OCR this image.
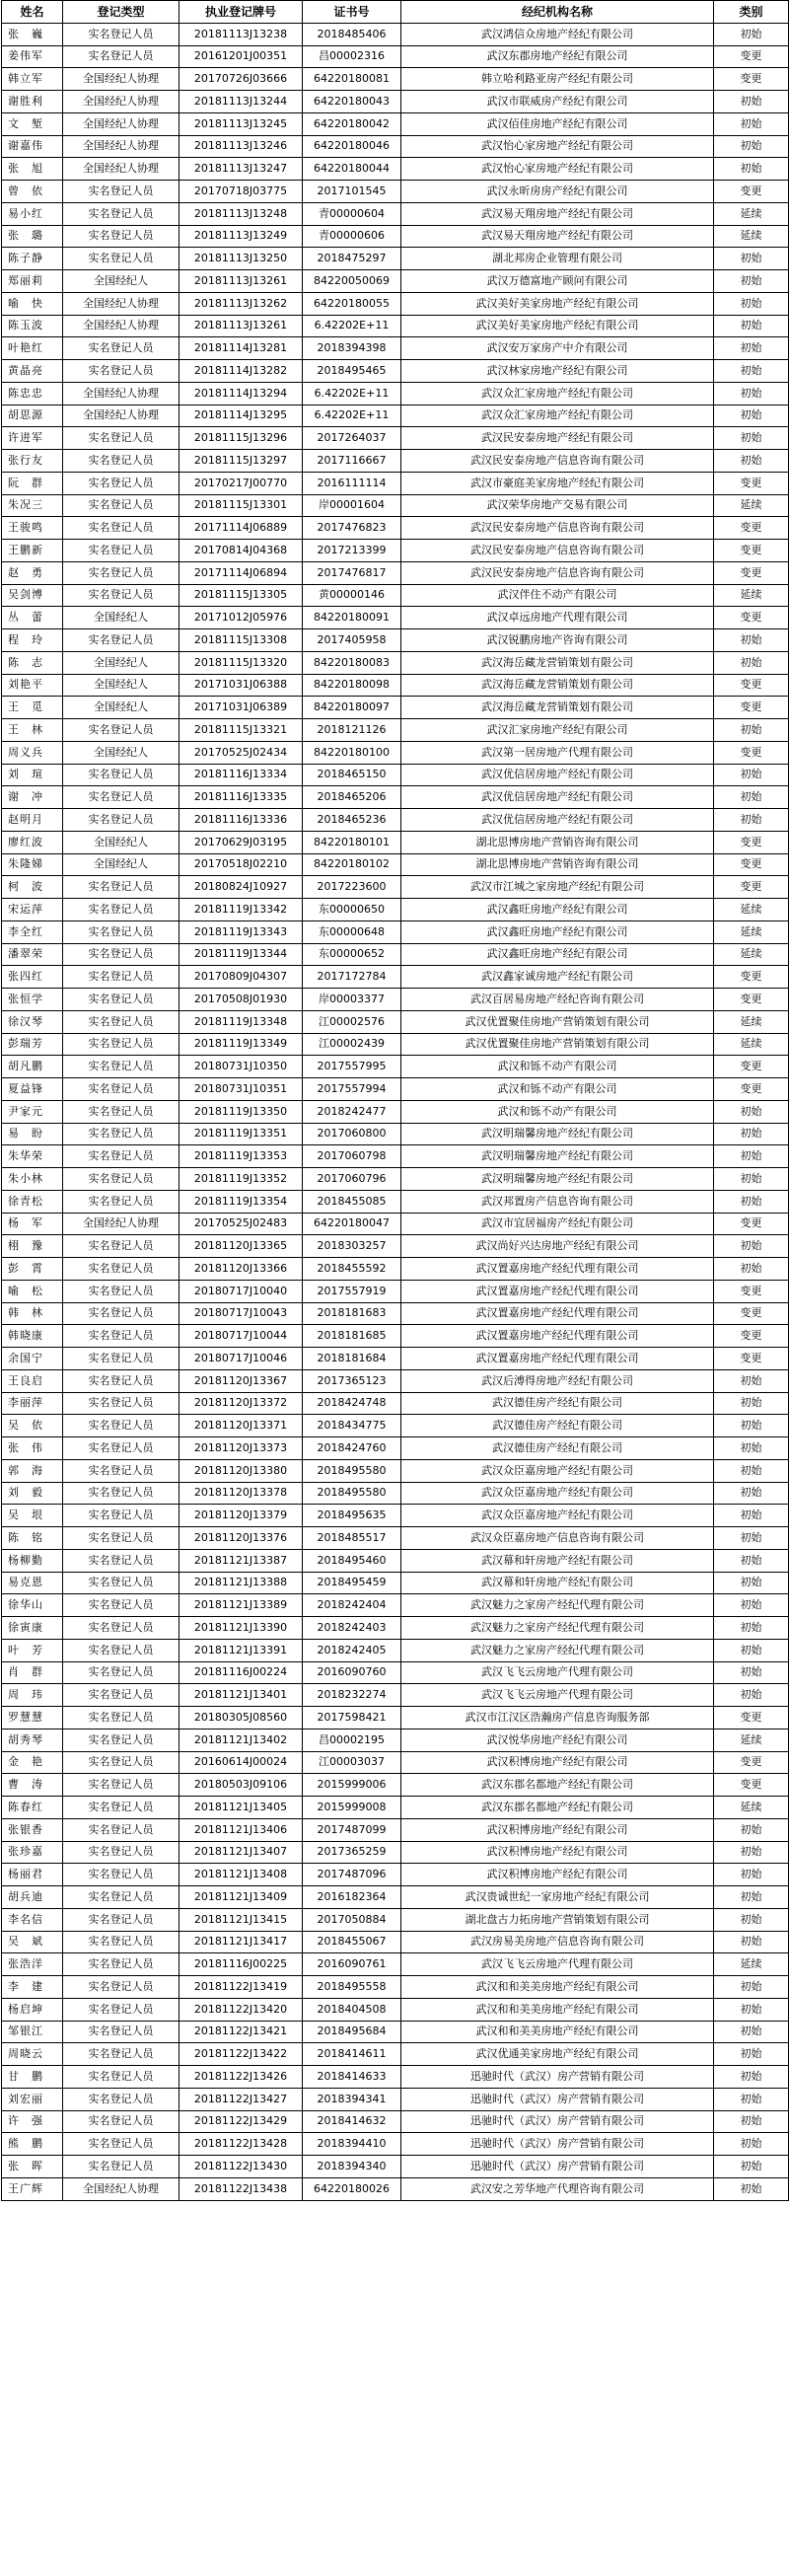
姓名	登记类型	执业登记牌号	证书号	经纪机构名称	类别
张　巍	实名登记人员	20181113J13238	2018485406	武汉鸿信众房地产经纪有限公司	初始
姜伟军	实名登记人员	20161201J00351	昌00002316	武汉东郡房地产经纪有限公司	变更
韩立军	全国经纪人协理	20170726J03666	64220180081	韩立哈利路亚房产经纪有限公司	变更
谢胜利	全国经纪人协理	20181113J13244	64220180043	武汉市联威房产经纪有限公司	初始
文　堑	全国经纪人协理	20181113J13245	64220180042	武汉佰佳房地产经纪有限公司	初始
谢嘉伟	全国经纪人协理	20181113J13246	64220180046	武汉怡心家房地产经纪有限公司	初始
张　旭	全国经纪人协理	20181113J13247	64220180044	武汉怡心家房地产经纪有限公司	初始
曾　依	实名登记人员	20170718J03775	2017101545	武汉永昕房房产经纪有限公司	变更
易小红	实名登记人员	20181113J13248	青00000604	武汉易天翔房地产经纪有限公司	延续
张　璐	实名登记人员	20181113J13249	青00000606	武汉易天翔房地产经纪有限公司	延续
陈子静	实名登记人员	20181113J13250	2018475297	湖北邦房企业管理有限公司	初始
郑丽莉	全国经纪人	20181113J13261	84220050069	武汉万德富地产顾问有限公司	初始
喻　快	全国经纪人协理	20181113J13262	64220180055	武汉美好美家房地产经纪有限公司	初始
陈玉波	全国经纪人协理	20181113J13261	6.42202E+11	武汉美好美家房地产经纪有限公司	初始
叶艳红	实名登记人员	20181114J13281	2018394398	武汉安万家房产中介有限公司	初始
黄晶亮	实名登记人员	20181114J13282	2018495465	武汉林家房地产经纪有限公司	初始
陈忠忠	全国经纪人协理	20181114J13294	6.42202E+11	武汉众汇家房地产经纪有限公司	初始
胡思源	全国经纪人协理	20181114J13295	6.42202E+11	武汉众汇家房地产经纪有限公司	初始
许进军	实名登记人员	20181115J13296	2017264037	武汉民安泰房地产经纪有限公司	初始
张行友	实名登记人员	20181115J13297	2017116667	武汉民安泰房地产信息咨询有限公司	初始
阮　群	实名登记人员	20170217J00770	2016111114	武汉市豪庭美家房地产经纪有限公司	变更
朱况三	实名登记人员	20181115J13301	岸00001604	武汉荣华房地产交易有限公司	延续
王骏鸣	实名登记人员	20171114J06889	2017476823	武汉民安泰房地产信息咨询有限公司	变更
王鹏新	实名登记人员	20170814J04368	2017213399	武汉民安泰房地产信息咨询有限公司	变更
赵　勇	实名登记人员	20171114J06894	2017476817	武汉民安泰房地产信息咨询有限公司	变更
吴剑博	实名登记人员	20181115J13305	黄00000146	武汉伴住不动产有限公司	延续
丛　蕾	全国经纪人	20171012J05976	84220180091	武汉卓远房地产代理有限公司	变更
程　玲	实名登记人员	20181115J13308	2017405958	武汉锐鹏房地产咨询有限公司	初始
陈　志	全国经纪人	20181115J13320	84220180083	武汉海岳藏龙营销策划有限公司	初始
刘艳平	全国经纪人	20171031J06388	84220180098	武汉海岳藏龙营销策划有限公司	变更
王　觅	全国经纪人	20171031J06389	84220180097	武汉海岳藏龙营销策划有限公司	变更
王　林	实名登记人员	20181115J13321	2018121126	武汉汇家房地产经纪有限公司	初始
周义兵	全国经纪人	20170525J02434	84220180100	武汉第一居房地产代理有限公司	变更
刘　瑄	实名登记人员	20181116J13334	2018465150	武汉优信居房地产经纪有限公司	初始
谢　冲	实名登记人员	20181116J13335	2018465206	武汉优信居房地产经纪有限公司	初始
赵明月	实名登记人员	20181116J13336	2018465236	武汉优信居房地产经纪有限公司	初始
廖红波	全国经纪人	20170629J03195	84220180101	湖北思博房地产营销咨询有限公司	变更
朱隆娣	全国经纪人	20170518J02210	84220180102	湖北思博房地产营销咨询有限公司	变更
柯　波	实名登记人员	20180824J10927	2017223600	武汉市江城之家房地产经纪有限公司	变更
宋运萍	实名登记人员	20181119J13342	东00000650	武汉鑫旺房地产经纪有限公司	延续
李全红	实名登记人员	20181119J13343	东00000648	武汉鑫旺房地产经纪有限公司	延续
潘翠荣	实名登记人员	20181119J13344	东00000652	武汉鑫旺房地产经纪有限公司	延续
张四红	实名登记人员	20170809J04307	2017172784	武汉鑫家诚房地产经纪有限公司	变更
张恒学	实名登记人员	20170508J01930	岸00003377	武汉百居易房地产经纪咨询有限公司	变更
徐汉琴	实名登记人员	20181119J13348	江00002576	武汉优置聚佳房地产营销策划有限公司	延续
彭瑞芳	实名登记人员	20181119J13349	江00002439	武汉优置聚佳房地产营销策划有限公司	延续
胡凡鹏	实名登记人员	20180731J10350	2017557995	武汉和铄不动产有限公司	变更
夏益锋	实名登记人员	20180731J10351	2017557994	武汉和铄不动产有限公司	变更
尹家元	实名登记人员	20181119J13350	2018242477	武汉和铄不动产有限公司	初始
易　盼	实名登记人员	20181119J13351	2017060800	武汉明瑞馨房地产经纪有限公司	初始
朱华荣	实名登记人员	20181119J13353	2017060798	武汉明瑞馨房地产经纪有限公司	初始
朱小林	实名登记人员	20181119J13352	2017060796	武汉明瑞馨房地产经纪有限公司	初始
徐青松	实名登记人员	20181119J13354	2018455085	武汉邦置房产信息咨询有限公司	初始
杨　军	全国经纪人协理	20170525J02483	64220180047	武汉市宜居福房产经纪有限公司	变更
栩　豫	实名登记人员	20181120J13365	2018303257	武汉尚好兴达房地产经纪有限公司	初始
彭　霄	实名登记人员	20181120J13366	2018455592	武汉置嘉房地产经纪代理有限公司	初始
喻　松	实名登记人员	20180717J10040	2017557919	武汉置嘉房地产经纪代理有限公司	变更
韩　林	实名登记人员	20180717J10043	2018181683	武汉置嘉房地产经纪代理有限公司	变更
韩晓康	实名登记人员	20180717J10044	2018181685	武汉置嘉房地产经纪代理有限公司	变更
余国宁	实名登记人员	20180717J10046	2018181684	武汉置嘉房地产经纪代理有限公司	变更
王良启	实名登记人员	20181120J13367	2017365123	武汉后溥得房地产经纪有限公司	初始
李丽萍	实名登记人员	20181120J13372	2018424748	武汉德佳房产经纪有限公司	初始
吴　依	实名登记人员	20181120J13371	2018434775	武汉德佳房产经纪有限公司	初始
张　伟	实名登记人员	20181120J13373	2018424760	武汉德佳房产经纪有限公司	初始
郭　海	实名登记人员	20181120J13380	2018495580	武汉众臣嘉房地产经纪有限公司	初始
刘　毅	实名登记人员	20181120J13378	2018495580	武汉众臣嘉房地产经纪有限公司	初始
吴　垠	实名登记人员	20181120J13379	2018495635	武汉众臣嘉房地产经纪有限公司	初始
陈　铭	实名登记人员	20181120J13376	2018485517	武汉众臣嘉房地产信息咨询有限公司	初始
杨柳勤	实名登记人员	20181121J13387	2018495460	武汉幕和轩房地产经纪有限公司	初始
易克恩	实名登记人员	20181121J13388	2018495459	武汉幕和轩房地产经纪有限公司	初始
徐华山	实名登记人员	20181121J13389	2018242404	武汉魅力之家房产经纪代理有限公司	初始
徐寅康	实名登记人员	20181121J13390	2018242403	武汉魅力之家房产经纪代理有限公司	初始
叶　芳	实名登记人员	20181121J13391	2018242405	武汉魅力之家房产经纪代理有限公司	初始
肖　群	实名登记人员	20181116J00224	2016090760	武汉飞飞云房地产代理有限公司	初始
周　玮	实名登记人员	20181121J13401	2018232274	武汉飞飞云房地产代理有限公司	初始
罗慧慧	实名登记人员	20180305J08560	2017598421	武汉市江汉区浩瀚房产信息咨询服务部	变更
胡秀琴	实名登记人员	20181121J13402	昌00002195	武汉悦华房地产经纪有限公司	延续
金　艳	实名登记人员	20160614J00024	江00003037	武汉积博房地产经纪有限公司	变更
曹　涛	实名登记人员	20180503J09106	2015999006	武汉东郡名都地产经纪有限公司	变更
陈春红	实名登记人员	20181121J13405	2015999008	武汉东郡名都地产经纪有限公司	延续
张银香	实名登记人员	20181121J13406	2017487099	武汉积博房地产经纪有限公司	初始
张珍嘉	实名登记人员	20181121J13407	2017365259	武汉积博房地产经纪有限公司	初始
杨丽君	实名登记人员	20181121J13408	2017487096	武汉积博房地产经纪有限公司	初始
胡兵迪	实名登记人员	20181121J13409	2016182364	武汉贵诚世纪一家房地产经纪有限公司	初始
李名信	实名登记人员	20181121J13415	2017050884	湖北盘古力拓房地产营销策划有限公司	初始
吴　斌	实名登记人员	20181121J13417	2018455067	武汉房易美房地产信息咨询有限公司	初始
张浩洋	实名登记人员	20181116J00225	2016090761	武汉飞飞云房地产代理有限公司	延续
李　建	实名登记人员	20181122J13419	2018495558	武汉和和美美房地产经纪有限公司	初始
杨启坤	实名登记人员	20181122J13420	2018404508	武汉和和美美房地产经纪有限公司	初始
邹银江	实名登记人员	20181122J13421	2018495684	武汉和和美美房地产经纪有限公司	初始
周晓云	实名登记人员	20181122J13422	2018414611	武汉优通美家房地产经纪有限公司	初始
甘　鹏	实名登记人员	20181122J13426	2018414633	迅驰时代（武汉）房产营销有限公司	初始
刘宏丽	实名登记人员	20181122J13427	2018394341	迅驰时代（武汉）房产营销有限公司	初始
许　强	实名登记人员	20181122J13429	2018414632	迅驰时代（武汉）房产营销有限公司	初始
熊　鹏	实名登记人员	20181122J13428	2018394410	迅驰时代（武汉）房产营销有限公司	初始
张　晖	实名登记人员	20181122J13430	2018394340	迅驰时代（武汉）房产营销有限公司	初始
王广辉	全国经纪人协理	20181122J13438	64220180026	武汉安之芳华地产代理咨询有限公司	初始
